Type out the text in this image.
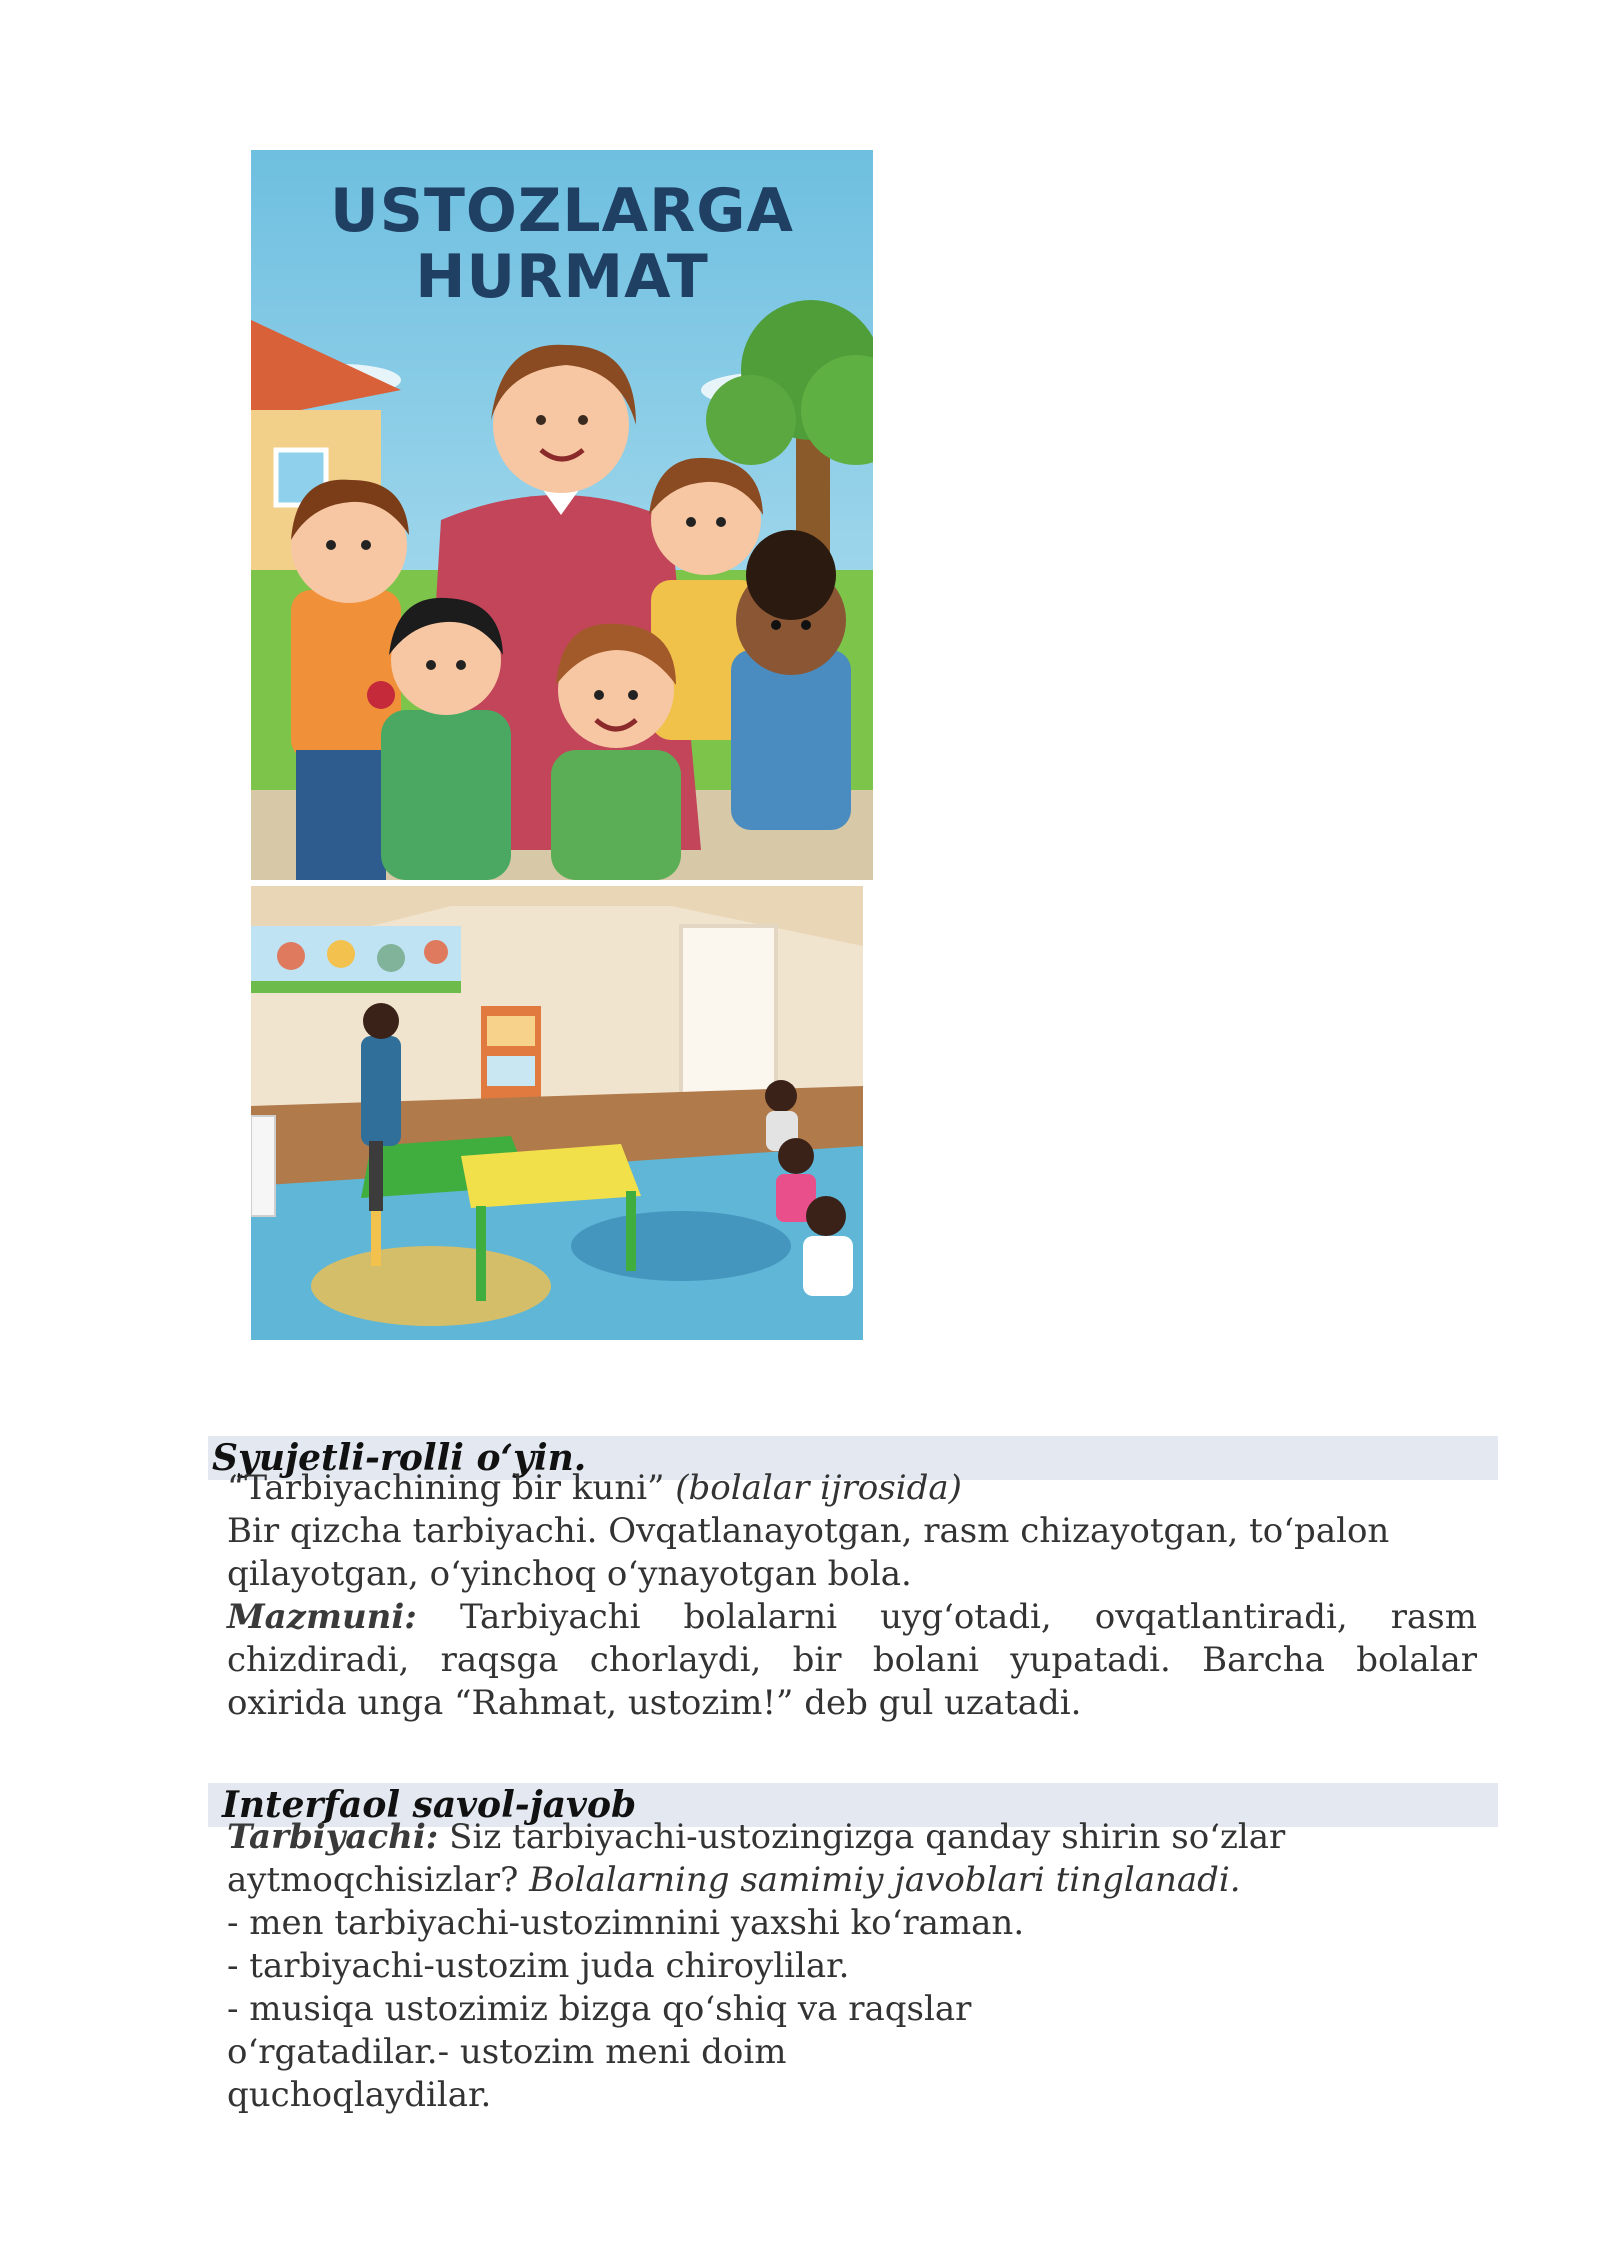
USTOZLARGA
HURMAT
Syujetli-rolli o‘yin.
“Tarbiyachining bir kuni” (bolalar ijrosida)
Bir qizcha tarbiyachi. Ovqatlanayotgan, rasm chizayotgan, to‘palon
qilayotgan, o‘yinchoq o‘ynayotgan bola.
Mazmuni: Tarbiyachi bolalarni uyg‘otadi, ovqatlantiradi, rasm
chizdiradi, raqsga chorlaydi, bir bolani yupatadi. Barcha bolalar
oxirida unga “Rahmat, ustozim!” deb gul uzatadi.
Interfaol savol-javob
Tarbiyachi: Siz tarbiyachi-ustozingizga qanday shirin so‘zlar
aytmoqchisizlar? Bolalarning samimiy javoblari tinglanadi.
- men tarbiyachi-ustozimnini yaxshi ko‘raman.
- tarbiyachi-ustozim juda chiroylilar.
- musiqa ustozimiz bizga qo‘shiq va raqslar
o‘rgatadilar.- ustozim meni doim
quchoqlaydilar.
